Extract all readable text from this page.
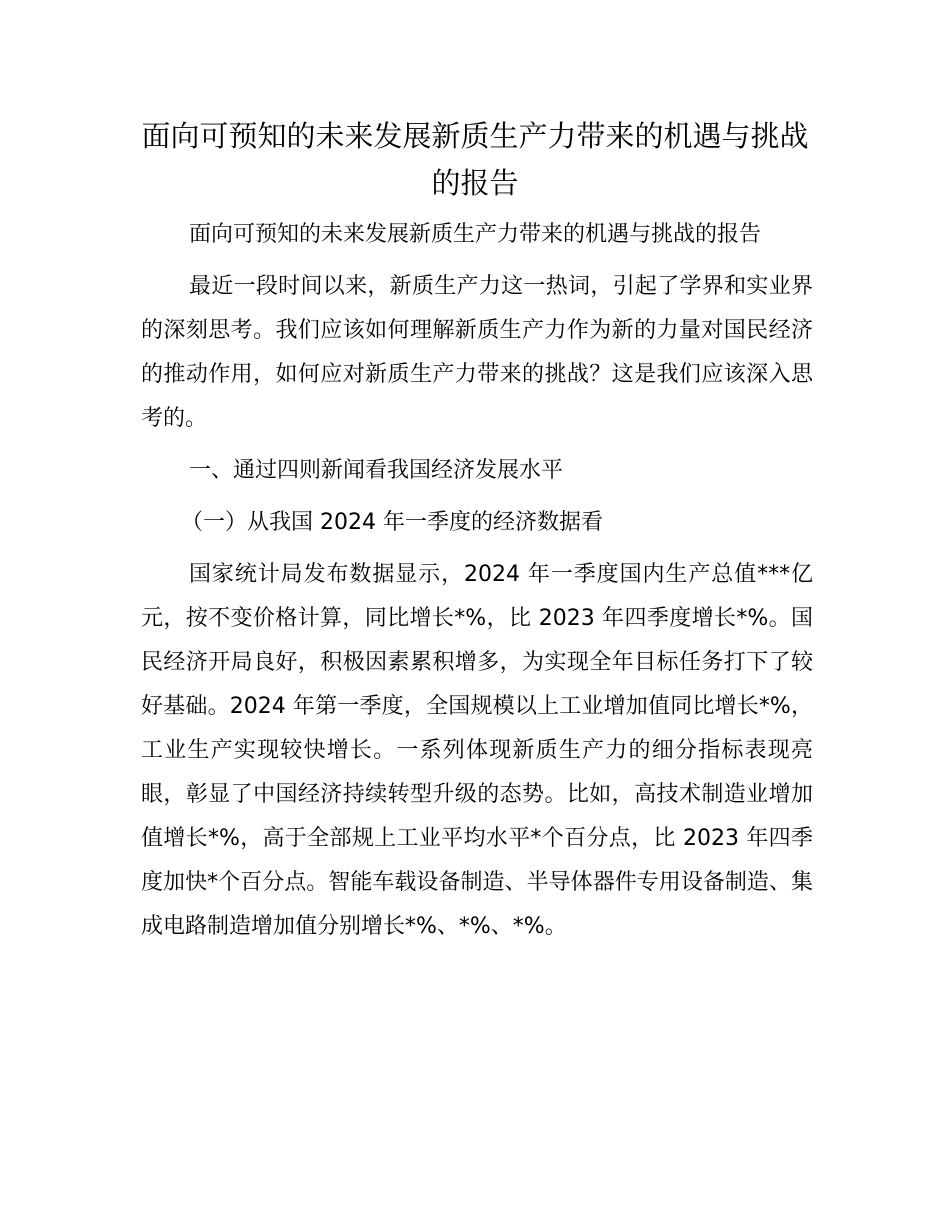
面向可预知的未来发展新质生产力带来的机遇与挑战的报告

面向可预知的未来发展新质生产力带来的机遇与挑战的报告

最近一段时间以来，新质生产力这一热词，引起了学界和实业界的深刻思考。我们应该如何理解新质生产力作为新的力量对国民经济的推动作用，如何应对新质生产力带来的挑战？这是我们应该深入思考的。

一、通过四则新闻看我国经济发展水平

（一）从我国 2024 年一季度的经济数据看

国家统计局发布数据显示，2024 年一季度国内生产总值***亿元，按不变价格计算，同比增长*%，比 2023 年四季度增长*%。国民经济开局良好，积极因素累积增多，为实现全年目标任务打下了较好基础。2024 年第一季度，全国规模以上工业增加值同比增长*%，工业生产实现较快增长。一系列体现新质生产力的细分指标表现亮眼，彰显了中国经济持续转型升级的态势。比如，高技术制造业增加值增长*%，高于全部规上工业平均水平*个百分点，比 2023 年四季度加快*个百分点。智能车载设备制造、半导体器件专用设备制造、集成电路制造增加值分别增长*%、*%、*%。
